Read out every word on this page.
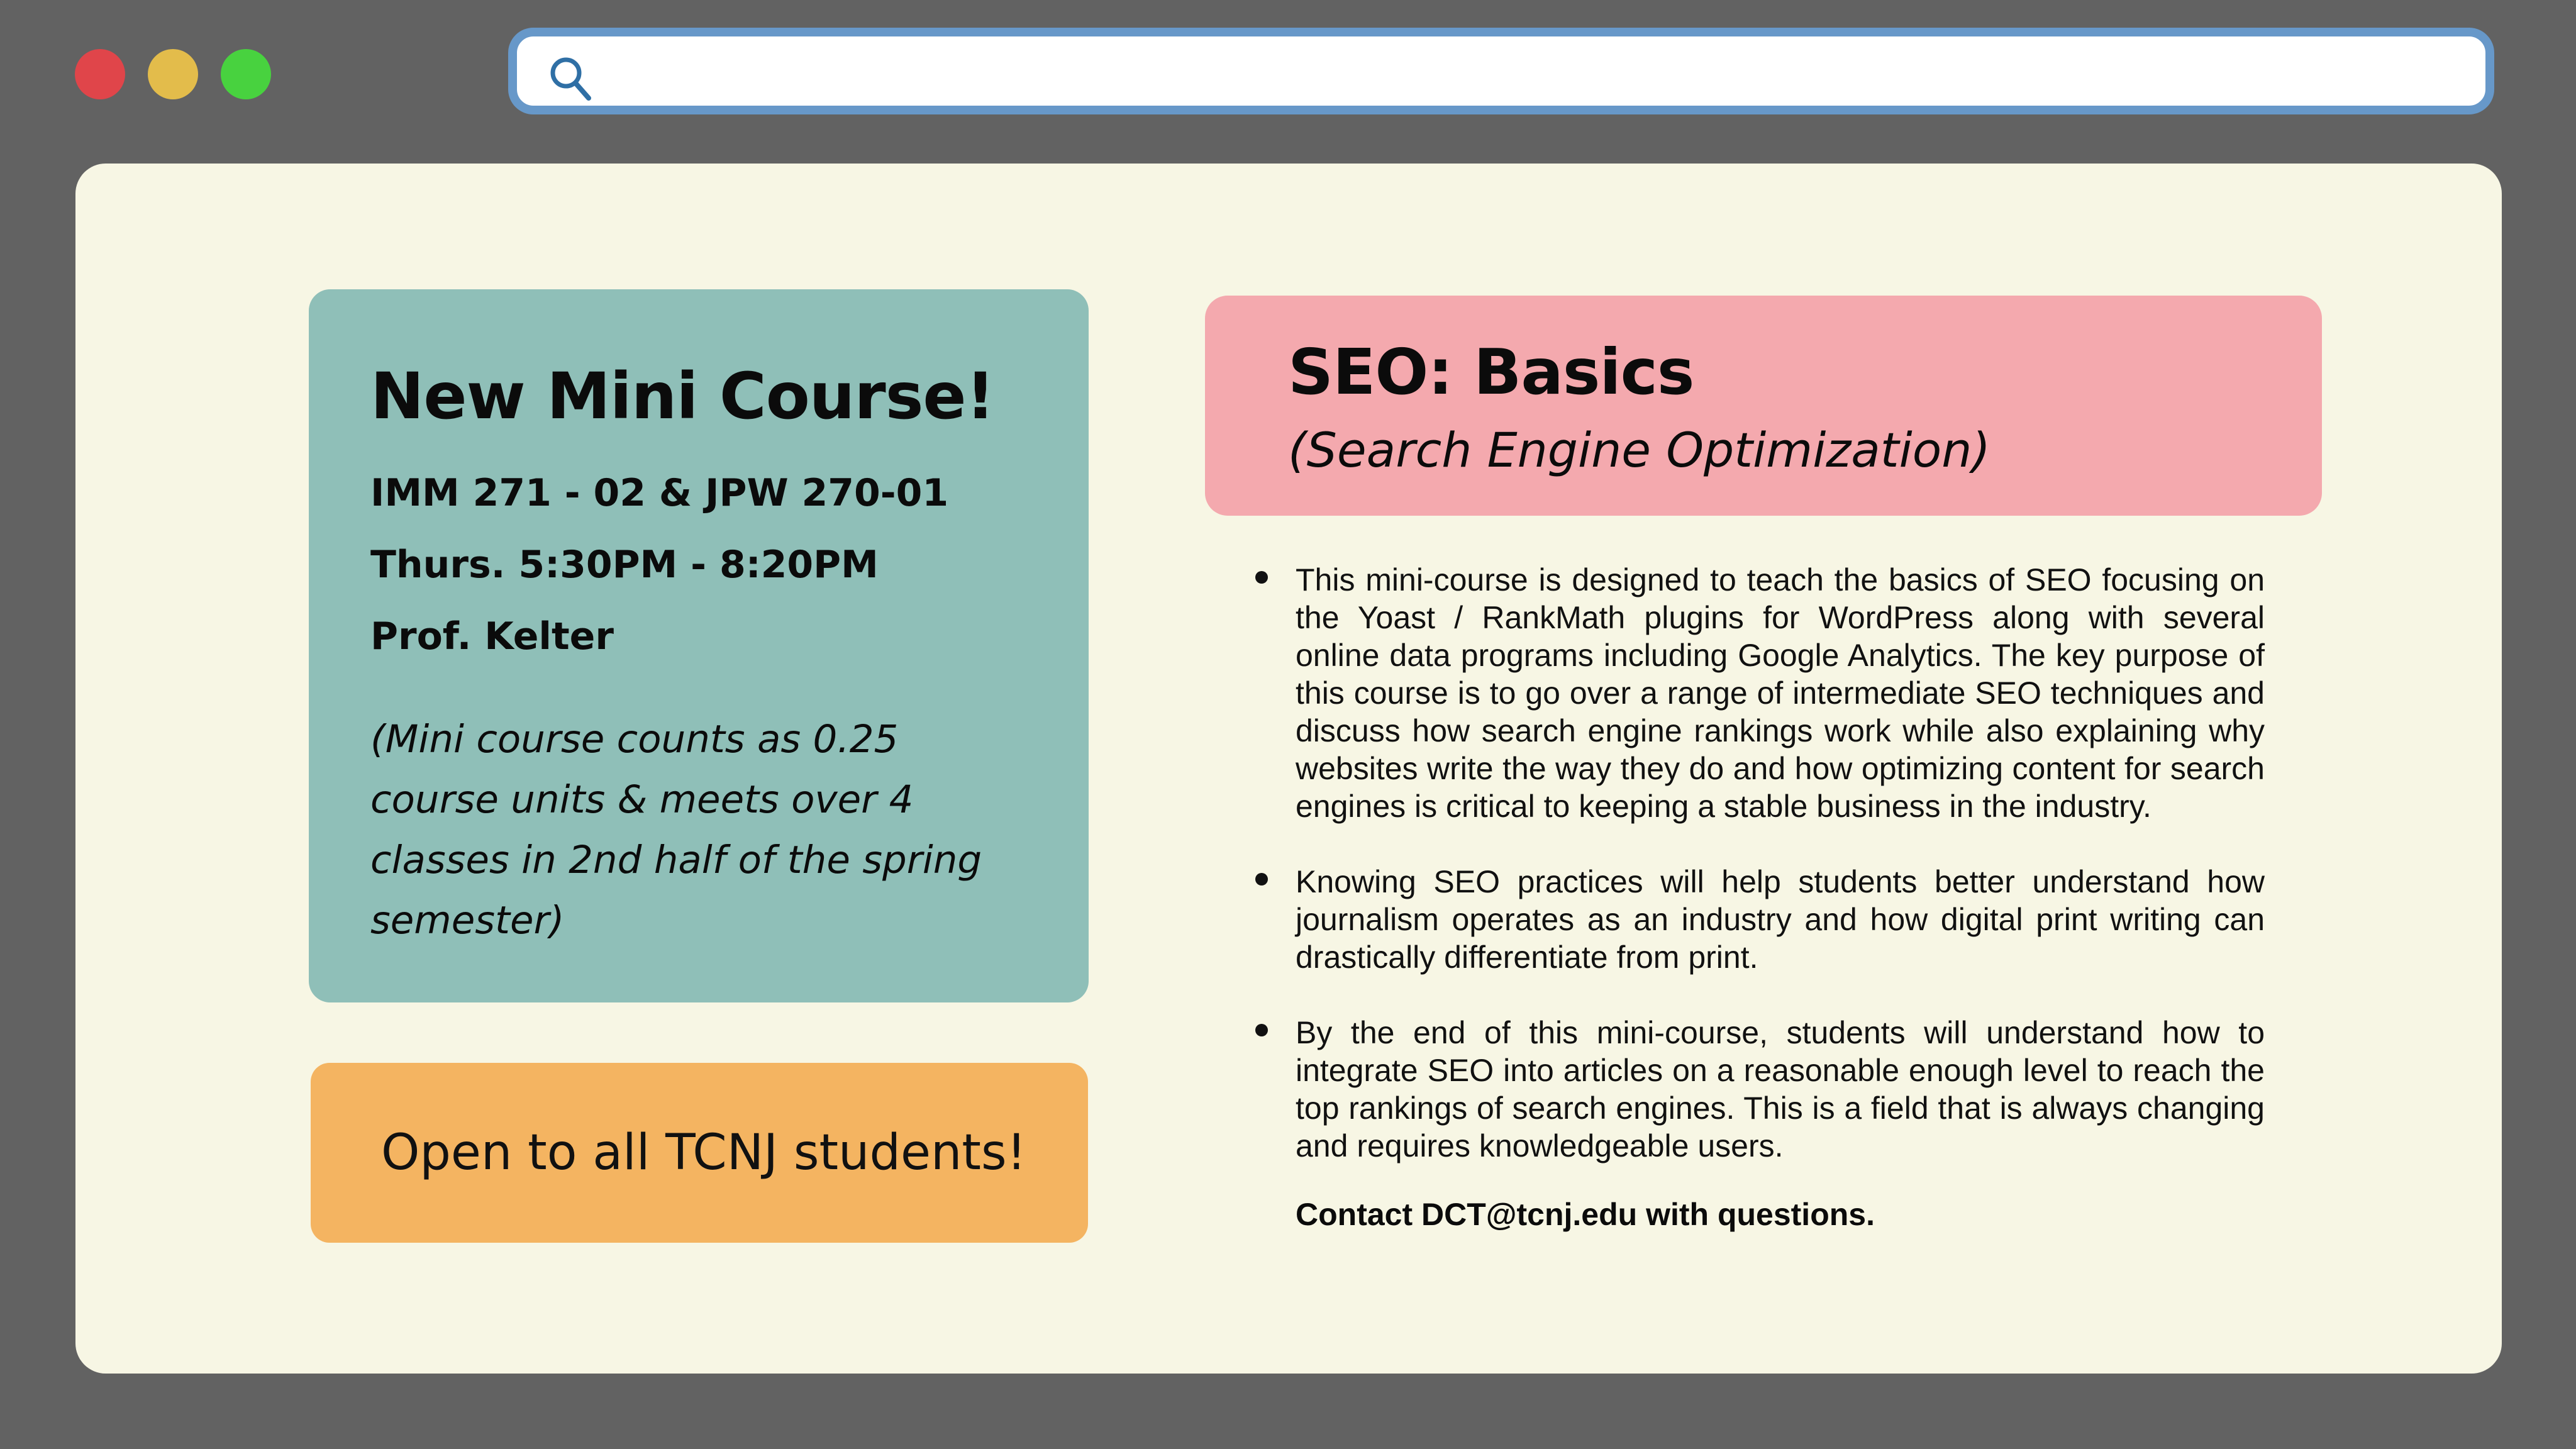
New Mini Course!
IMM 271 - 02 & JPW 270-01
Thurs. 5:30PM - 8:20PM
Prof. Kelter
(Mini course counts as 0.25 course units & meets over 4 classes in 2nd half of the spring semester)
Open to all TCNJ students!
SEO: Basics
(Search Engine Optimization)
This mini-course is designed to teach the basics of SEO focusing on the Yoast / RankMath plugins for WordPress along with several online data programs including Google Analytics. The key purpose of this course is to go over a range of intermediate SEO techniques and discuss how search engine rankings work while also explaining why websites write the way they do and how optimizing content for search engines is critical to keeping a stable business in the industry.
Knowing SEO practices will help students better understand how journalism operates as an industry and how digital print writing can drastically differentiate from print.
By the end of this mini-course, students will understand how to integrate SEO into articles on a reasonable enough level to reach the top rankings of search engines. This is a field that is always changing and requires knowledgeable users.
Contact DCT@tcnj.edu with questions.
